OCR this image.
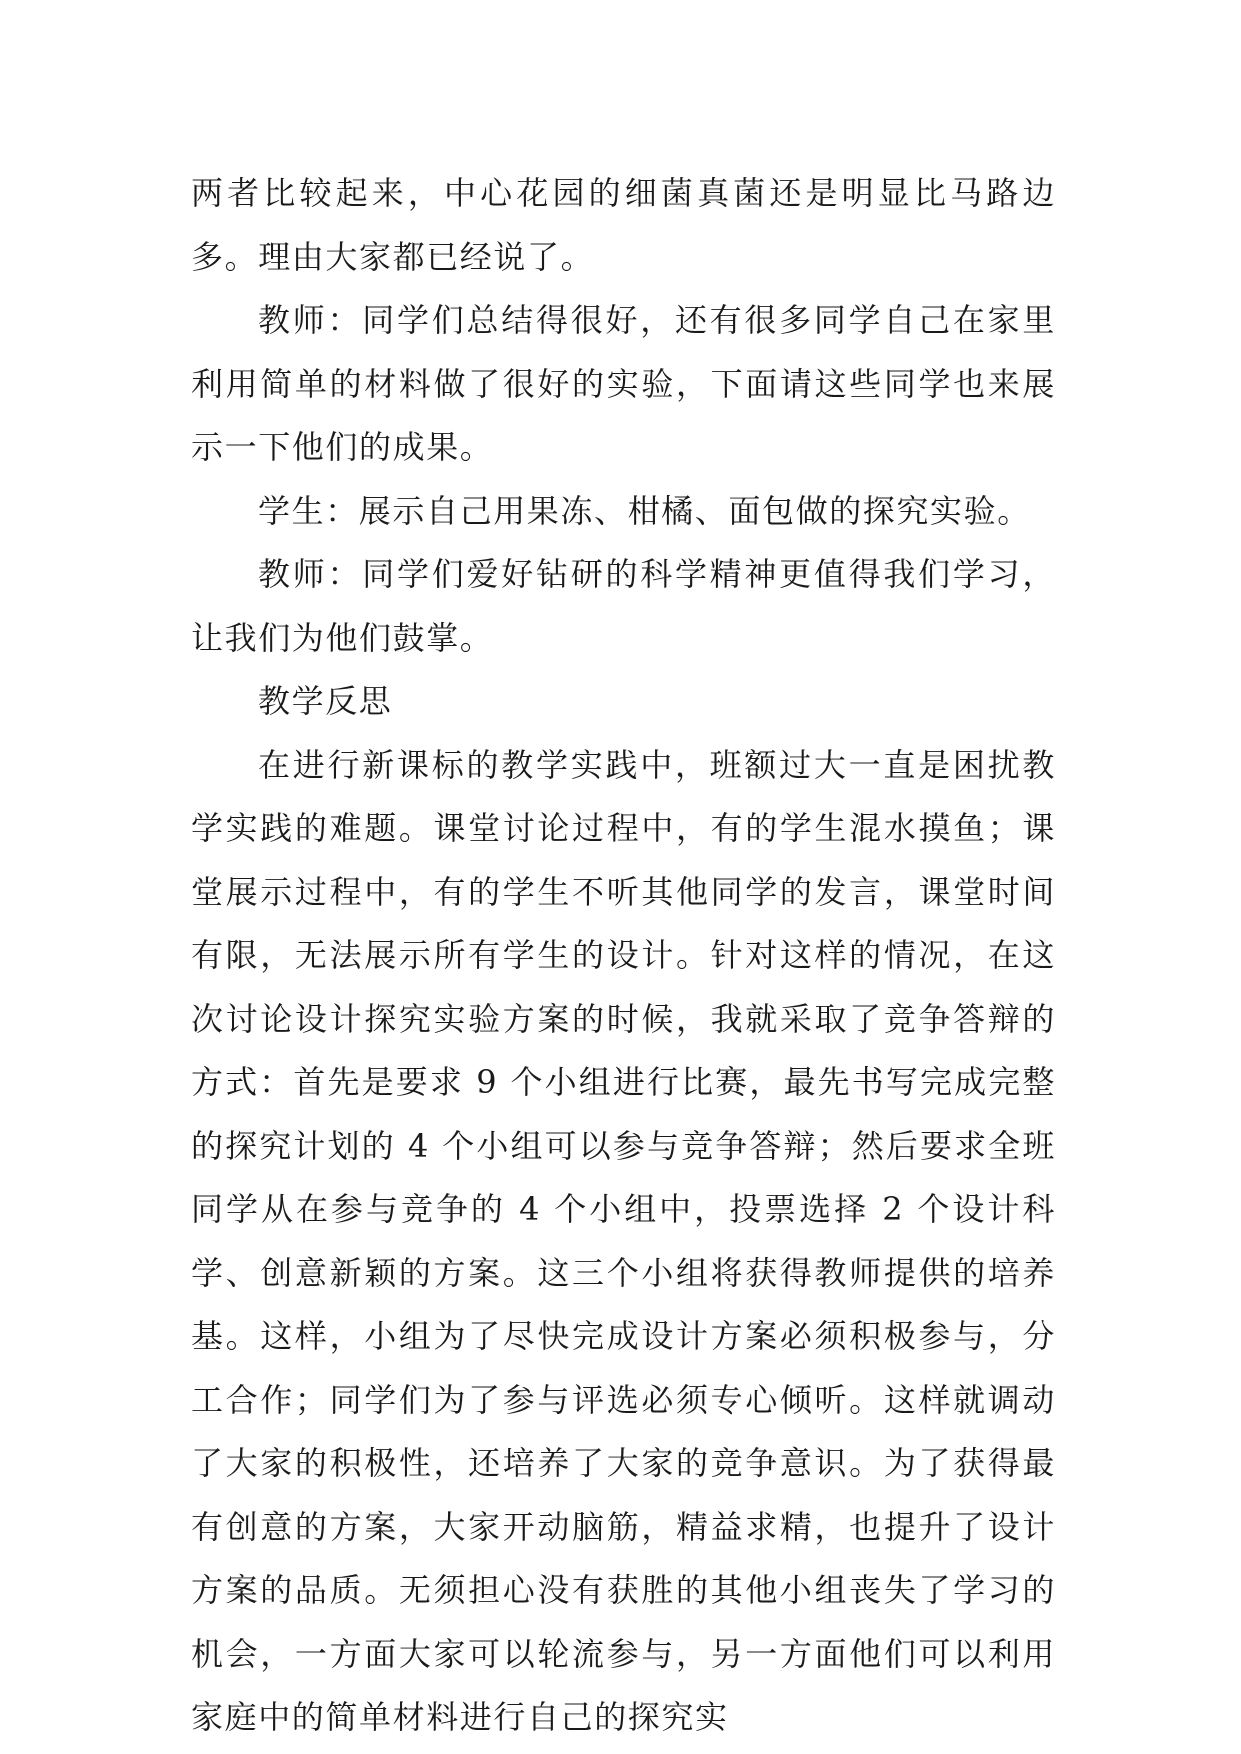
两者比较起来，中心花园的细菌真菌还是明显比马路边多。理由大家都已经说了。

教师：同学们总结得很好，还有很多同学自己在家里利用简单的材料做了很好的实验，下面请这些同学也来展示一下他们的成果。

学生：展示自己用果冻、柑橘、面包做的探究实验。

教师：同学们爱好钻研的科学精神更值得我们学习，让我们为他们鼓掌。

教学反思

在进行新课标的教学实践中，班额过大一直是困扰教学实践的难题。课堂讨论过程中，有的学生混水摸鱼；课堂展示过程中，有的学生不听其他同学的发言，课堂时间有限，无法展示所有学生的设计。针对这样的情况，在这次讨论设计探究实验方案的时候，我就采取了竞争答辩的方式：首先是要求 9 个小组进行比赛，最先书写完成完整的探究计划的 4 个小组可以参与竞争答辩；然后要求全班同学从在参与竞争的 4 个小组中，投票选择 2 个设计科学、创意新颖的方案。这三个小组将获得教师提供的培养基。这样，小组为了尽快完成设计方案必须积极参与，分工合作；同学们为了参与评选必须专心倾听。这样就调动了大家的积极性，还培养了大家的竞争意识。为了获得最有创意的方案，大家开动脑筋，精益求精，也提升了设计方案的品质。无须担心没有获胜的其他小组丧失了学习的机会，一方面大家可以轮流参与，另一方面他们可以利用家庭中的简单材料进行自己的探究实
